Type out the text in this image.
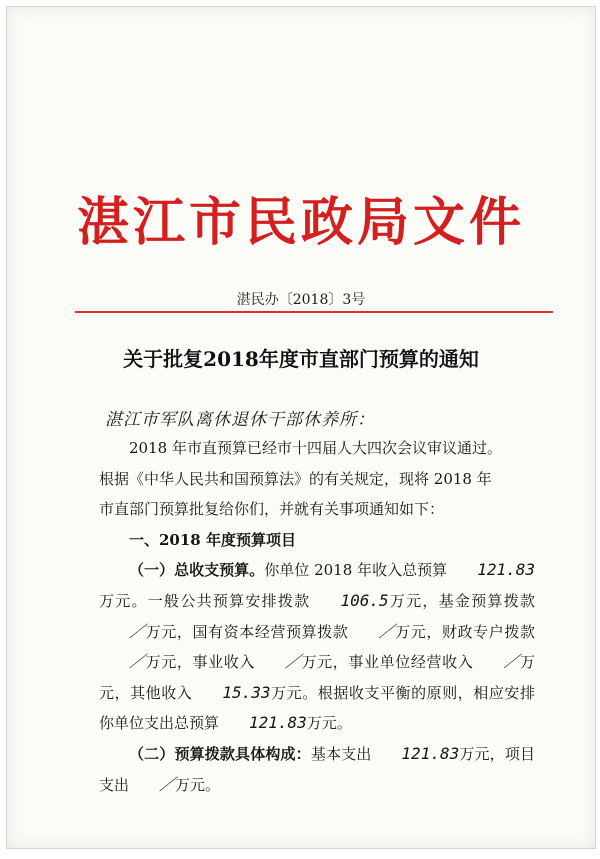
湛江市民政局文件
湛民办〔2018〕3号
关于批复2018年度市直部门预算的通知
湛江市军队离休退休干部休养所：

2018 年市直预算已经市十四届人大四次会议审议通过。

根据《中华人民共和国预算法》的有关规定，现将 2018 年

市直部门预算批复给你们，并就有关事项通知如下：

一、2018 年度预算项目

（一）总收支预算。你单位 2018 年收入总预算 121.83万元。一般公共预算安排拨款 106.5万元，基金预算拨款／万元，国有资本经营预算拨款 ／万元，财政专户拨款／万元，事业收入 ／万元，事业单位经营收入 ／万元，其他收入 15.33万元。根据收支平衡的原则，相应安排你单位支出总预算 121.83万元。

（二）预算拨款具体构成：基本支出 121.83万元，项目支出 ／万元。
